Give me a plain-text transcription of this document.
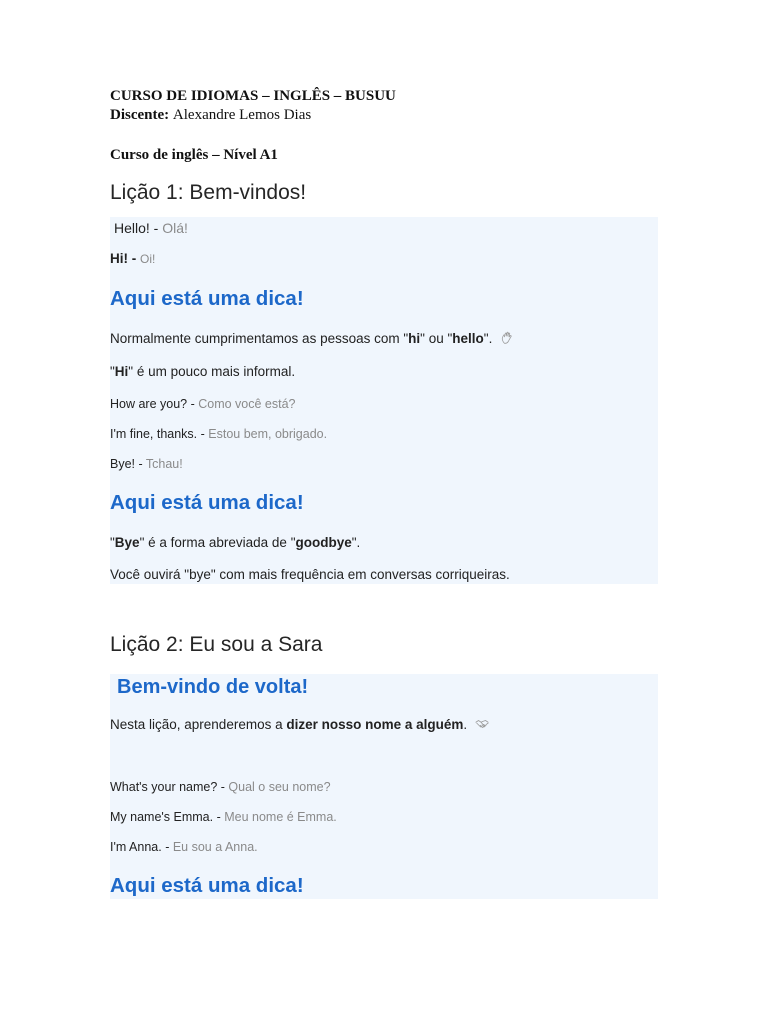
CURSO DE IDIOMAS – INGLÊS – BUSUU
Discente: Alexandre Lemos Dias
Curso de inglês – Nível A1
Lição 1: Bem-vindos!
Hello! - Olá!
Hi! - Oi!
Aqui está uma dica!
Normalmente cumprimentamos as pessoas com "hi" ou "hello".
"Hi" é um pouco mais informal.
How are you? - Como você está?
I'm fine, thanks. - Estou bem, obrigado.
Bye! - Tchau!
Aqui está uma dica!
"Bye" é a forma abreviada de "goodbye".
Você ouvirá "bye" com mais frequência em conversas corriqueiras.
Lição 2: Eu sou a Sara
Bem-vindo de volta!
Nesta lição, aprenderemos a dizer nosso nome a alguém.
What's your name? - Qual o seu nome?
My name's Emma. - Meu nome é Emma.
I'm Anna. - Eu sou a Anna.
Aqui está uma dica!
